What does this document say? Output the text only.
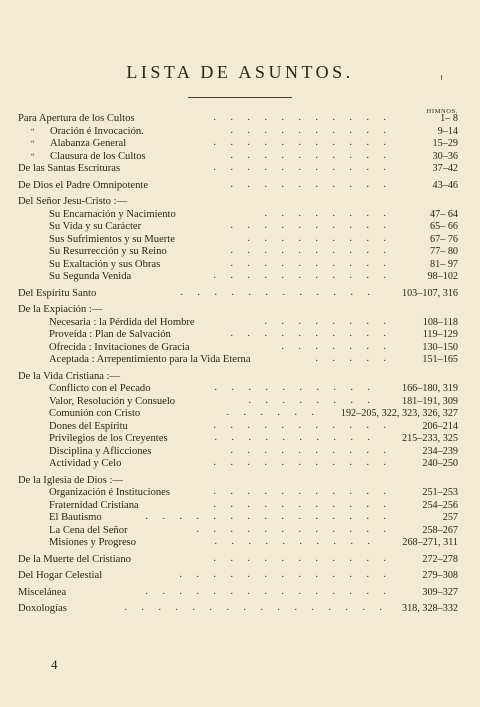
LISTA DE ASUNTOS.
HIMNOS.
Para Apertura de los Cultos	. . . . . . . . . . .	1– 8
“ Oración é Invocación.	. . . . . . . . . .	9–14
“ Alabanza General	. . . . . . . . . . .	15–29
“ Clausura de los Cultos	. . . . . . . . . .	30–36
De las Santas Escrituras	. . . . . . . . . . .	37–42
De Dios el Padre Omnipotente	. . . . . . . . . .	43–46
Del Señor Jesu-Cristo :—
Su Encarnación y Nacimiento	. . . . . . . .	47– 64
Su Vida y su Carácter	. . . . . . . . . .	65– 66
Sus Sufrimientos y su Muerte	. . . . . . . . .	67– 76
Su Resurrección y su Reino	. . . . . . . . . .	77– 80
Su Exaltación y sus Obras	. . . . . . . . . .	81– 97
Su Segunda Venida	. . . . . . . . . . .	98–102
Del Espíritu Santo	. . . . . . . . . . . .	103–107, 316
De la Expiación :—
Necesaria : la Pérdida del Hombre	. . . . . . . .	108–118
Proveída : Plan de Salvación	. . . . . . . . . .	119–129
Ofrecida : Invitaciones de Gracia	. . . . . . .	130–150
Aceptada : Arrepentimiento para la Vida Eterna	. . . . .	151–165
De la Vida Cristiana :—
Conflicto con el Pecado	. . . . . . . . . .	166–180, 319
Valor, Resolución y Consuelo	. . . . . . . .	181–191, 309
Comunión con Cristo	. . . . . . 192–205, 322, 323, 326, 327
Dones del Espíritu	. . . . . . . . . . .	206–214
Privilegios de los Creyentes	. . . . . . . . . .	215–233, 325
Disciplina y Aflicciones	. . . . . . . . . .	234–239
Actividad y Celo	. . . . . . . . . . .	240–250
De la Iglesia de Dios :—
Organización é Instituciones	. . . . . . . . . . .	251–253
Fraternidad Cristiana	. . . . . . . . . . .	254–256
El Bautismo	. . . . . . . . . . . . . . .	257
La Cena del Señor	. . . . . . . . . . . .	258–267
Misiones y Progreso	. . . . . . . . . .	268–271, 311
De la Muerte del Cristiano	. . . . . . . . . . .	272–278
Del Hogar Celestial	. . . . . . . . . . . . .	279–308
Miscelánea	. . . . . . . . . . . . . . .	309–327
Doxologías	. . . . . . . . . . . . . . . . 318, 328–332
4
